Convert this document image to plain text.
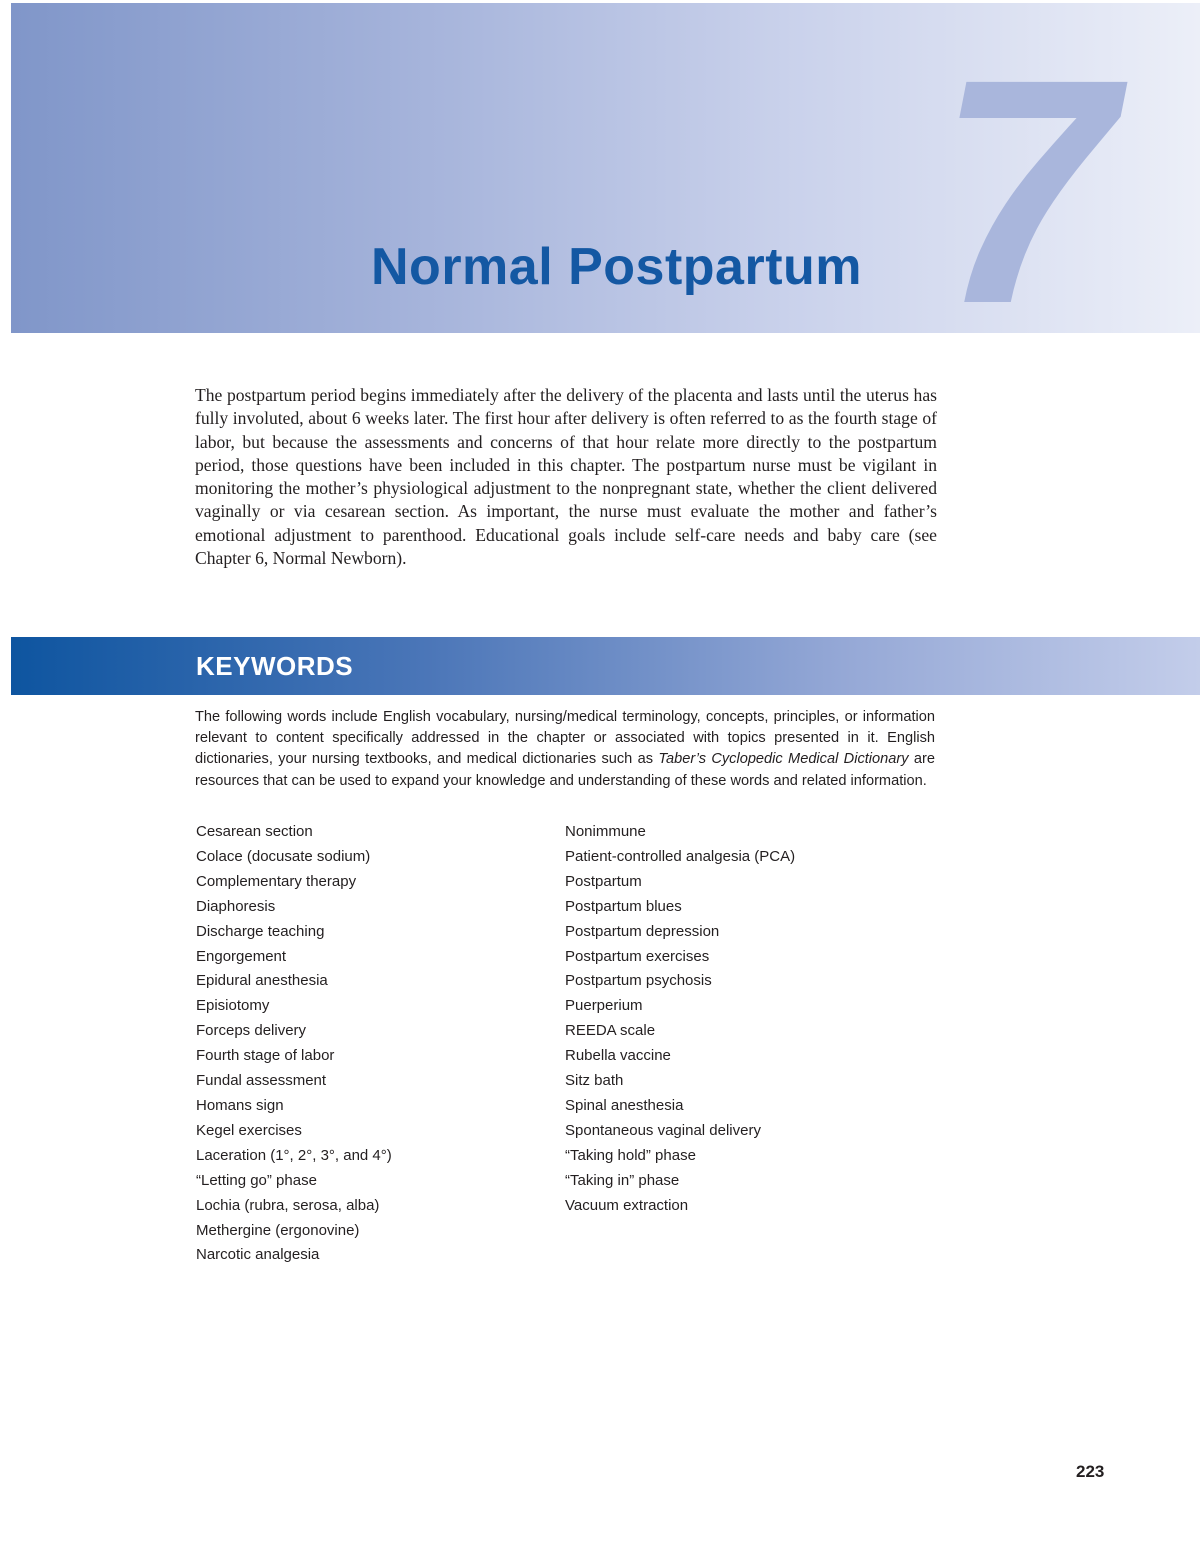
7
Normal Postpartum

The postpartum period begins immediately after the delivery of the placenta and lasts until the uterus has fully involuted, about 6 weeks later. The first hour after delivery is often referred to as the fourth stage of labor, but because the assessments and concerns of that hour relate more directly to the postpartum period, those questions have been included in this chapter. The postpartum nurse must be vigilant in monitoring the mother’s physiological adjustment to the nonpregnant state, whether the client delivered vaginally or via cesarean section. As important, the nurse must evaluate the mother and father’s emotional adjustment to parenthood. Educational goals include self-care needs and baby care (see Chapter 6, Normal Newborn).

KEYWORDS

The following words include English vocabulary, nursing/medical terminology, concepts, principles, or information relevant to content specifically addressed in the chapter or associated with topics presented in it. English dictionaries, your nursing textbooks, and medical dictionaries such as Taber’s Cyclopedic Medical Dictionary are resources that can be used to expand your knowledge and understanding of these words and related information.

Cesarean section
Colace (docusate sodium)
Complementary therapy
Diaphoresis
Discharge teaching
Engorgement
Epidural anesthesia
Episiotomy
Forceps delivery
Fourth stage of labor
Fundal assessment
Homans sign
Kegel exercises
Laceration (1°, 2°, 3°, and 4°)
“Letting go” phase
Lochia (rubra, serosa, alba)
Methergine (ergonovine)
Narcotic analgesia
Nonimmune
Patient-controlled analgesia (PCA)
Postpartum
Postpartum blues
Postpartum depression
Postpartum exercises
Postpartum psychosis
Puerperium
REEDA scale
Rubella vaccine
Sitz bath
Spinal anesthesia
Spontaneous vaginal delivery
“Taking hold” phase
“Taking in” phase
Vacuum extraction
223
